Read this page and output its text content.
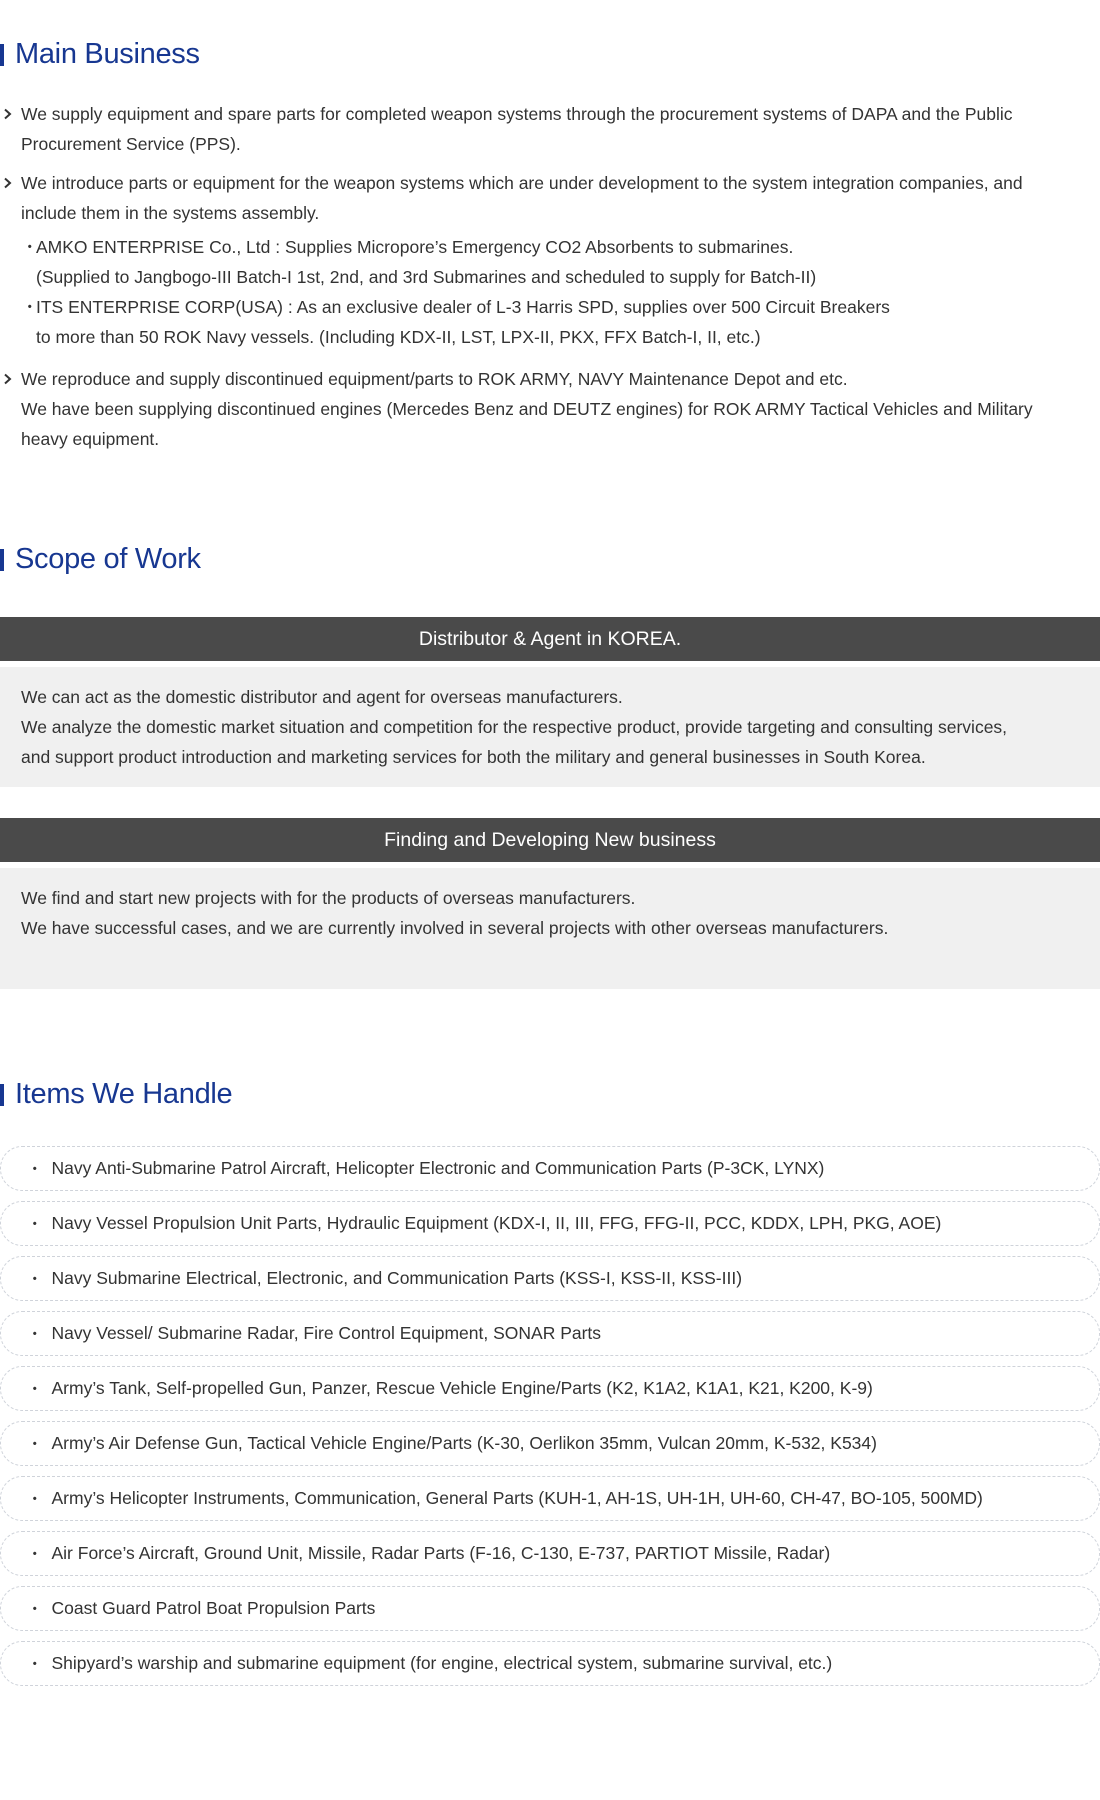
Main Business
We supply equipment and spare parts for completed weapon systems through the procurement systems of DAPA and the Public
Procurement Service (PPS).
We introduce parts or equipment for the weapon systems which are under development to the system integration companies, and
include them in the systems assembly.
・
AMKO ENTERPRISE Co., Ltd : Supplies Micropore’s Emergency CO2 Absorbents to submarines.
(Supplied to Jangbogo-III Batch-I 1st, 2nd, and 3rd Submarines and scheduled to supply for Batch-II)
・
ITS ENTERPRISE CORP(USA) : As an exclusive dealer of L-3 Harris SPD, supplies over 500 Circuit Breakers
to more than 50 ROK Navy vessels. (Including KDX-II, LST, LPX-II, PKX, FFX Batch-I, II, etc.)
We reproduce and supply discontinued equipment/parts to ROK ARMY, NAVY Maintenance Depot and etc.
We have been supplying discontinued engines (Mercedes Benz and DEUTZ engines) for ROK ARMY Tactical Vehicles and Military
heavy equipment.
Scope of Work
Distributor & Agent in KOREA.
We can act as the domestic distributor and agent for overseas manufacturers.
We analyze the domestic market situation and competition for the respective product, provide targeting and consulting services,
and support product introduction and marketing services for both the military and general businesses in South Korea.
Finding and Developing New business
We find and start new projects with for the products of overseas manufacturers.
We have successful cases, and we are currently involved in several projects with other overseas manufacturers.
Items We Handle
・ Navy Anti-Submarine Patrol Aircraft, Helicopter Electronic and Communication Parts (P-3CK, LYNX)
・ Navy Vessel Propulsion Unit Parts, Hydraulic Equipment (KDX-I, II, III, FFG, FFG-II, PCC, KDDX, LPH, PKG, AOE)
・ Navy Submarine Electrical, Electronic, and Communication Parts (KSS-I, KSS-II, KSS-III)
・ Navy Vessel/ Submarine Radar, Fire Control Equipment, SONAR Parts
・ Army’s Tank, Self-propelled Gun, Panzer, Rescue Vehicle Engine/Parts (K2, K1A2, K1A1, K21, K200, K-9)
・ Army’s Air Defense Gun, Tactical Vehicle Engine/Parts (K-30, Oerlikon 35mm, Vulcan 20mm, K-532, K534)
・ Army’s Helicopter Instruments, Communication, General Parts (KUH-1, AH-1S, UH-1H, UH-60, CH-47, BO-105, 500MD)
・ Air Force’s Aircraft, Ground Unit, Missile, Radar Parts (F-16, C-130, E-737, PARTIOT Missile, Radar)
・ Coast Guard Patrol Boat Propulsion Parts
・ Shipyard’s warship and submarine equipment (for engine, electrical system, submarine survival, etc.)
